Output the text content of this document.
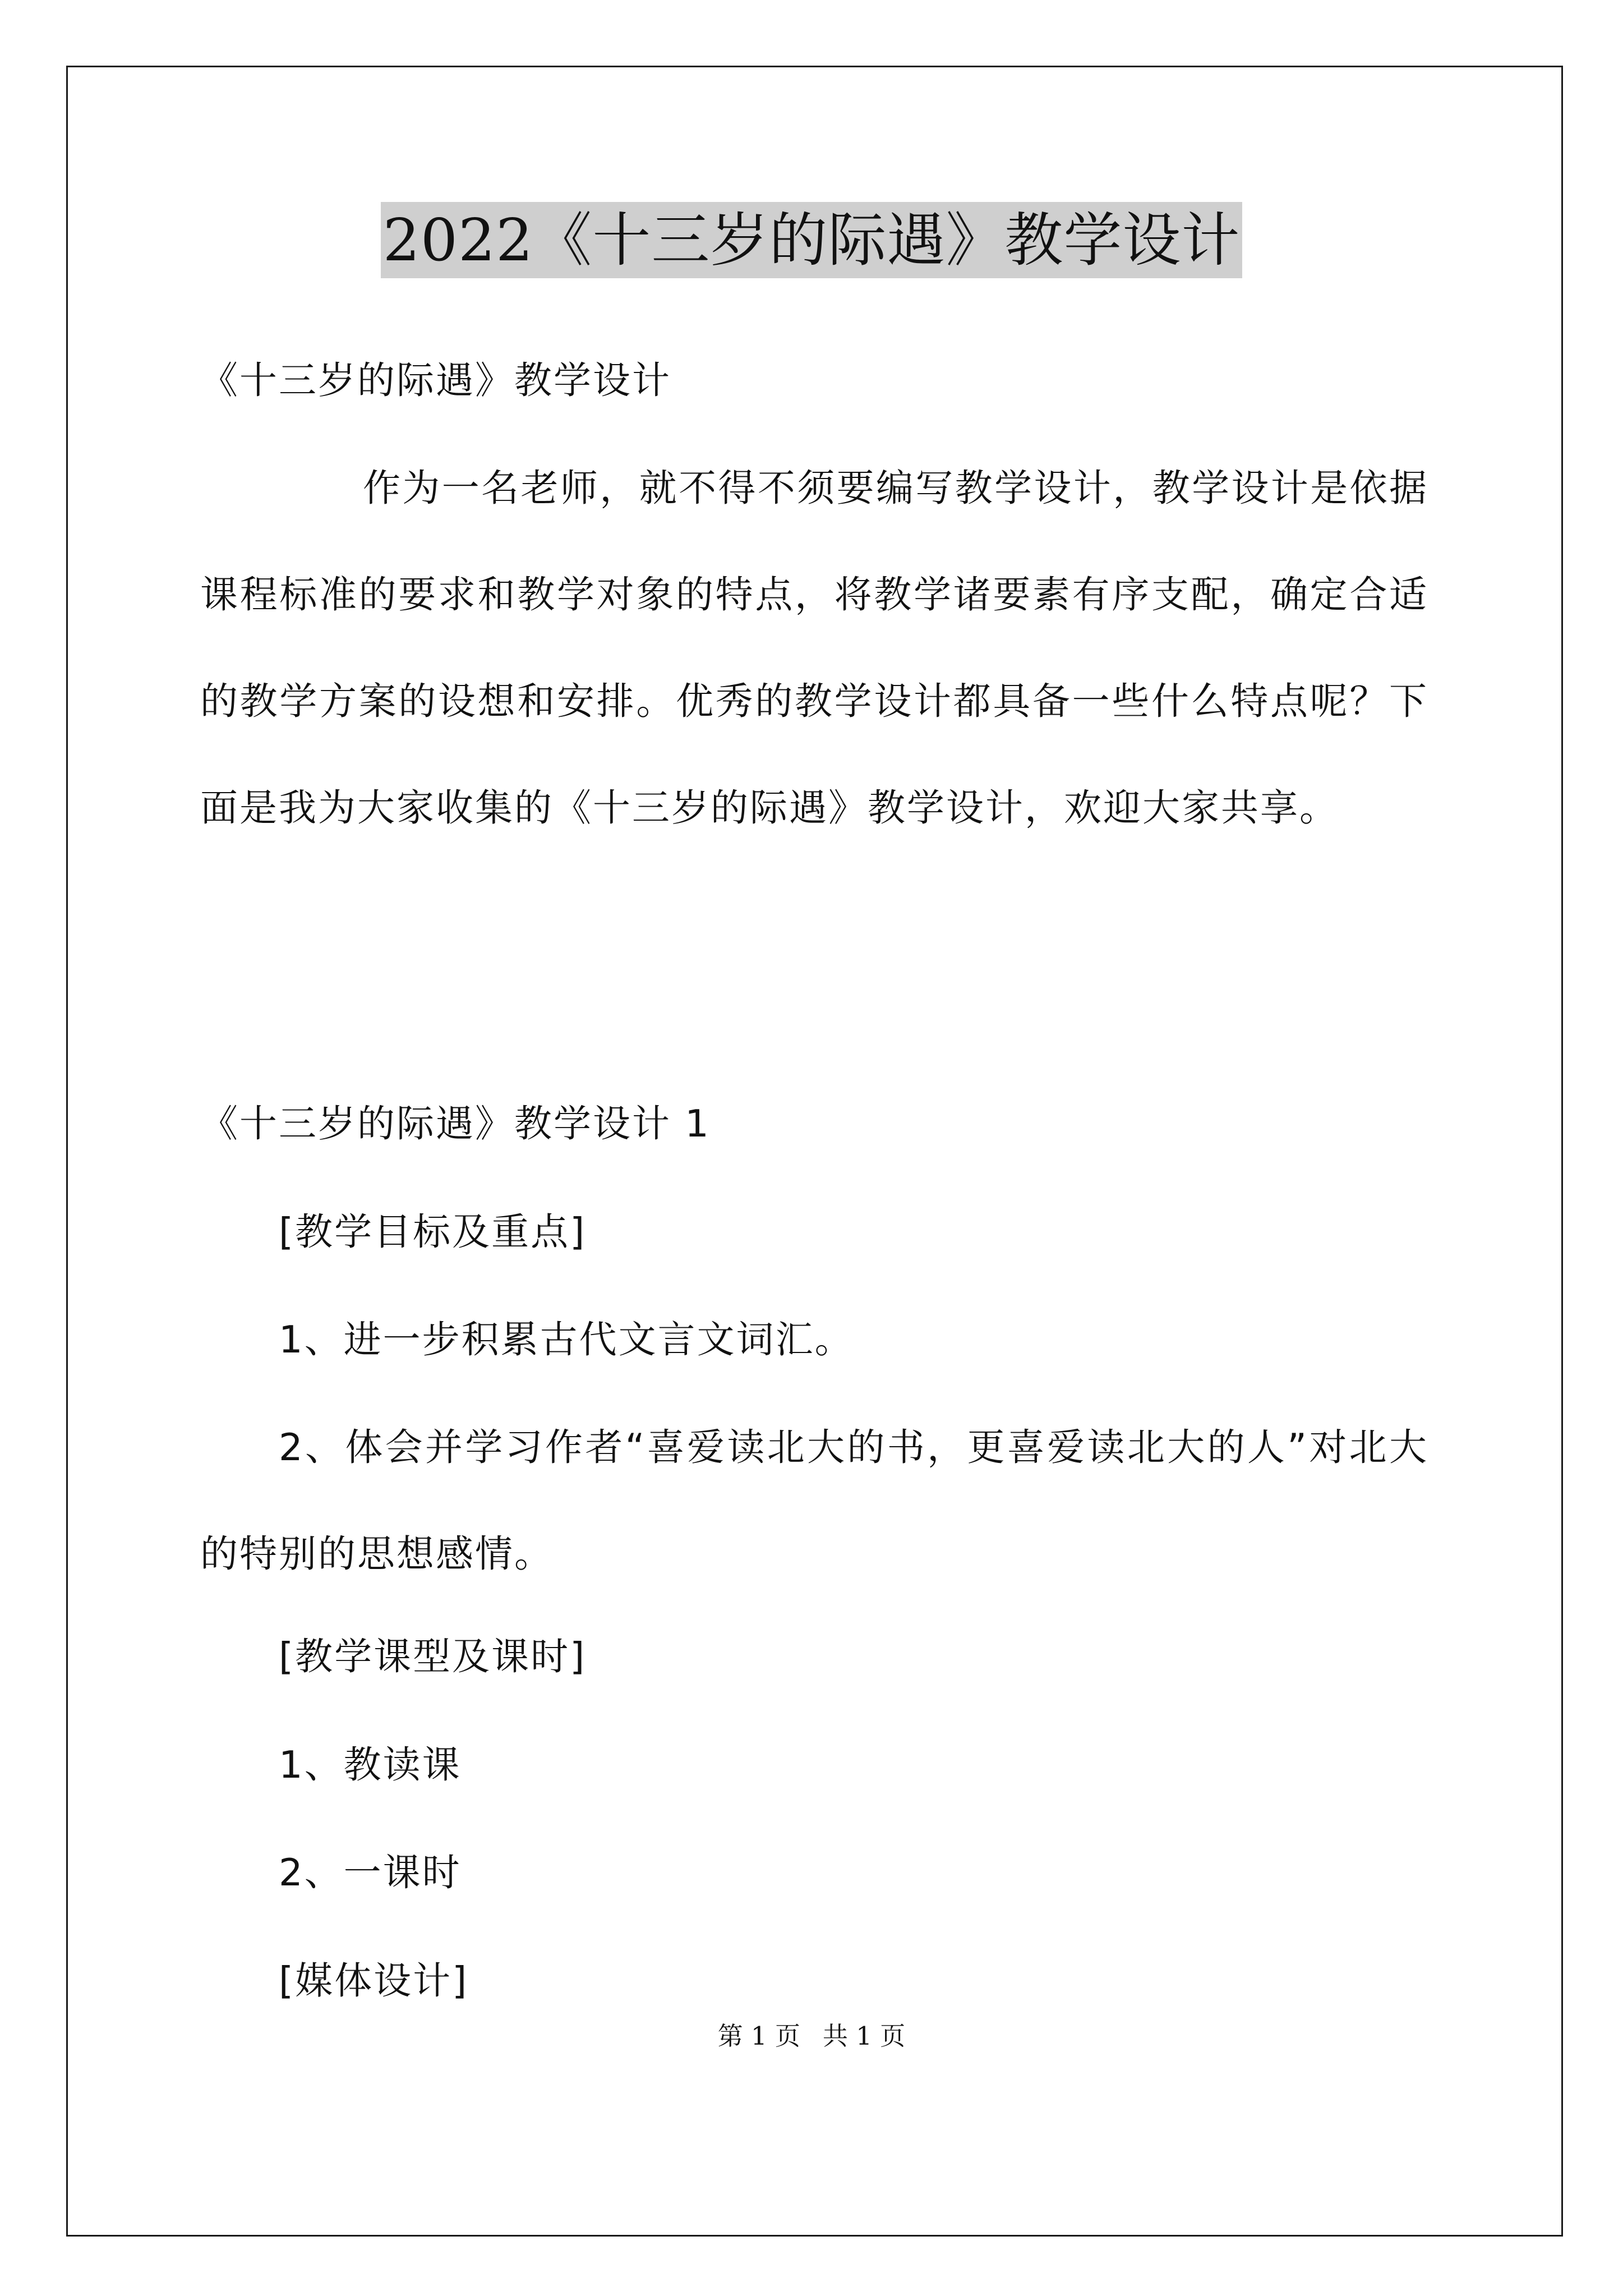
2022《十三岁的际遇》教学设计
《十三岁的际遇》教学设计
作为一名老师，就不得不须要编写教学设计，教学设计是依据课程标准的要求和教学对象的特点，将教学诸要素有序支配，确定合适的教学方案的设想和安排。优秀的教学设计都具备一些什么特点呢？下面是我为大家收集的《十三岁的际遇》教学设计，欢迎大家共享。
《十三岁的际遇》教学设计 1
[教学目标及重点]
1、进一步积累古代文言文词汇。
2、体会并学习作者“喜爱读北大的书，更喜爱读北大的人”对北大的特别的思想感情。
[教学课型及课时]
1、教读课
2、一课时
[媒体设计]
第 1 页 共 1 页
